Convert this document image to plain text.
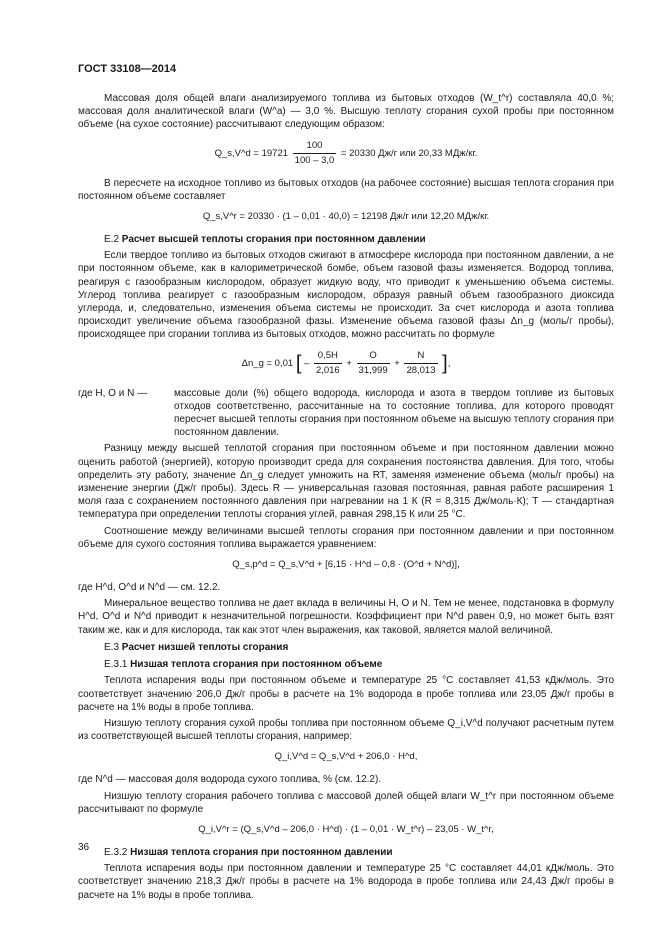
ГОСТ 33108—2014

Массовая доля общей влаги анализируемого топлива из бытовых отходов (W_t^r) составляла 40,0 %; массовая доля аналитической влаги (W^a) — 3,0 %. Высшую теплоту сгорания сухой пробы при постоянном объеме (на сухое состояние) рассчитывают следующим образом:

Q_s,V^d = $19721 \frac{100}{100 - 3,0} = 20330$ Дж/г или 20,33 МДж/кг.

В пересчете на исходное топливо из бытовых отходов (на рабочее состояние) высшая теплота сгорания при постоянном объеме составляет

Q_s,V^r = 20330 · (1 – 0,01 · 40,0) = 12198 Дж/г или 12,20 МДж/кг.
Е.2 Расчет высшей теплоты сгорания при постоянном давлении

Если твердое топливо из бытовых отходов сжигают в атмосфере кислорода при постоянном давлении, а не при постоянном объеме, как в калориметрической бомбе, объем газовой фазы изменяется. Водород топлива, реагируя с газообразным кислородом, образует жидкую воду, что приводит к уменьшению объема системы. Углерод топлива реагирует с газообразным кислородом, образуя равный объем газообразного диоксида углерода, и, следовательно, изменения объема системы не происходит. За счет кислорода и азота топлива происходит увеличение объема газообразной фазы. Изменение объема газовой фазы Δn_g (моль/г пробы), происходящее при сгорании топлива из бытовых отходов, можно рассчитать по формуле

Δn_g = 0,01 [ – $\frac{0,5H}{2,016} + \frac{O}{31,999} + \frac{N}{28,013}$ ],
где H, O и N —	массовые доли (%) общего водорода, кислорода и азота в твердом топливе из бытовых отходов соответственно, рассчитанные на то состояние топлива, для которого проводят пересчет высшей теплоты сгорания при постоянном объеме на высшую теплоту сгорания при постоянном давлении.

Разницу между высшей теплотой сгорания при постоянном объеме и при постоянном давлении можно оценить работой (энергией), которую производит среда для сохранения постоянства давления. Для того, чтобы определить эту работу, значение Δn_g следует умножить на RT, заменяя изменение объема (моль/г пробы) на изменение энергии (Дж/г пробы). Здесь R — универсальная газовая постоянная, равная работе расширения 1 моля газа с сохранением постоянного давления при нагревании на 1 К (R = 8,315 Дж/моль·К); T — стандартная температура при определении теплоты сгорания углей, равная 298,15 К или 25 °С.

Соотношение между величинами высшей теплоты сгорания при постоянном давлении и при постоянном объеме для сухого состояния топлива выражается уравнением:

Q_s,p^d = Q_s,V^d + [6,15 · H^d – 0,8 · (O^d + N^d)],

где H^d, O^d и N^d — см. 12.2.

Минеральное вещество топлива не дает вклада в величины H, O и N. Тем не менее, подстановка в формулу H^d, O^d и N^d приводит к незначительной погрешности. Коэффициент при N^d равен 0,9, но может быть взят таким же, как и для кислорода, так как этот член выражения, как таковой, является малой величиной.

Е.3 Расчет низшей теплоты сгорания
Е.3.1 Низшая теплота сгорания при постоянном объеме

Теплота испарения воды при постоянном объеме и температуре 25 °С составляет 41,53 кДж/моль. Это соответствует значению 206,0 Дж/г пробы в расчете на 1% водорода в пробе топлива или 23,05 Дж/г пробы в расчете на 1% воды в пробе топлива.

Низшую теплоту сгорания сухой пробы топлива при постоянном объеме Q_i,V^d получают расчетным путем из соответствующей высшей теплоты сгорания, например:

Q_i,V^d = Q_s,V^d + 206,0 · H^d,

где N^d — массовая доля водорода сухого топлива, % (см. 12.2).

Низшую теплоту сгорания рабочего топлива с массовой долей общей влаги W_t^r при постоянном объеме рассчитывают по формуле

Q_i,V^r = (Q_s,V^d – 206,0 · H^d) · (1 – 0,01 · W_t^r) – 23,05 · W_t^r,
Е.3.2 Низшая теплота сгорания при постоянном давлении

Теплота испарения воды при постоянном давлении и температуре 25 °С составляет 44,01 кДж/моль. Это соответствует значению 218,3 Дж/г пробы в расчете на 1% водорода в пробе топлива или 24,43 Дж/г пробы в расчете на 1% воды в пробе топлива.

36
